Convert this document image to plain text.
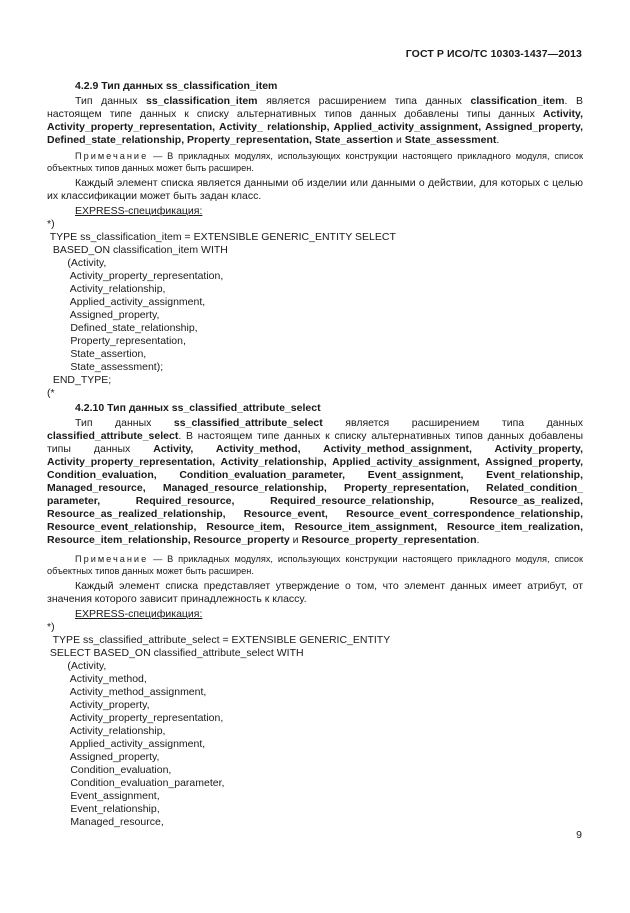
ГОСТ Р ИСО/ТС 10303-1437—2013
4.2.9 Тип данных ss_classification_item

Тип данных ss_classification_item является расширением типа данных classification_item. В настоящем типе данных к списку альтернативных типов данных добавлены типы данных Activity, Activity_property_representation, Activity_ relationship, Applied_activity_assignment, Assigned_property, Defined_state_relationship, Property_representation, State_assertion и State_assessment.

Примечание — В прикладных модулях, использующих конструкции настоящего прикладного модуля, список объектных типов данных может быть расширен.

Каждый элемент списка является данными об изделии или данными о действии, для которых с целью их классификации может быть задан класс.

EXPRESS-спецификация:
*)
TYPE ss_classification_item = EXTENSIBLE GENERIC_ENTITY SELECT
BASED_ON classification_item WITH
(Activity,
Activity_property_representation,
Activity_relationship,
Applied_activity_assignment,
Assigned_property,
Defined_state_relationship,
Property_representation,
State_assertion,
State_assessment);
END_TYPE;
(*
4.2.10 Тип данных ss_classified_attribute_select

Тип данных ss_classified_attribute_select является расширением типа данных classified_attribute_select. В настоящем типе данных к списку альтернативных типов данных добавлены типы данных Activity, Activity_method, Activity_method_assignment, Activity_property, Activity_property_representation, Activity_relationship, Applied_activity_assignment, Assigned_property, Condition_evaluation, Condition_evaluation_parameter, Event_assignment, Event_relationship, Managed_resource, Managed_resource_relationship, Property_representation, Related_condition_ parameter, Required_resource, Required_resource_relationship, Resource_as_realized, Resource_as_realized_relationship, Resource_event, Resource_event_correspondence_relationship, Resource_event_relationship, Resource_item, Resource_item_assignment, Resource_item_realization, Resource_item_relationship, Resource_property и Resource_property_representation.

Примечание — В прикладных модулях, использующих конструкции настоящего прикладного модуля, список объектных типов данных может быть расширен.

Каждый элемент списка представляет утверждение о том, что элемент данных имеет атрибут, от значения которого зависит принадлежность к классу.

EXPRESS-спецификация:
*)
TYPE ss_classified_attribute_select = EXTENSIBLE GENERIC_ENTITY
SELECT BASED_ON classified_attribute_select WITH
(Activity,
Activity_method,
Activity_method_assignment,
Activity_property,
Activity_property_representation,
Activity_relationship,
Applied_activity_assignment,
Assigned_property,
Condition_evaluation,
Condition_evaluation_parameter,
Event_assignment,
Event_relationship,
Managed_resource,
9
